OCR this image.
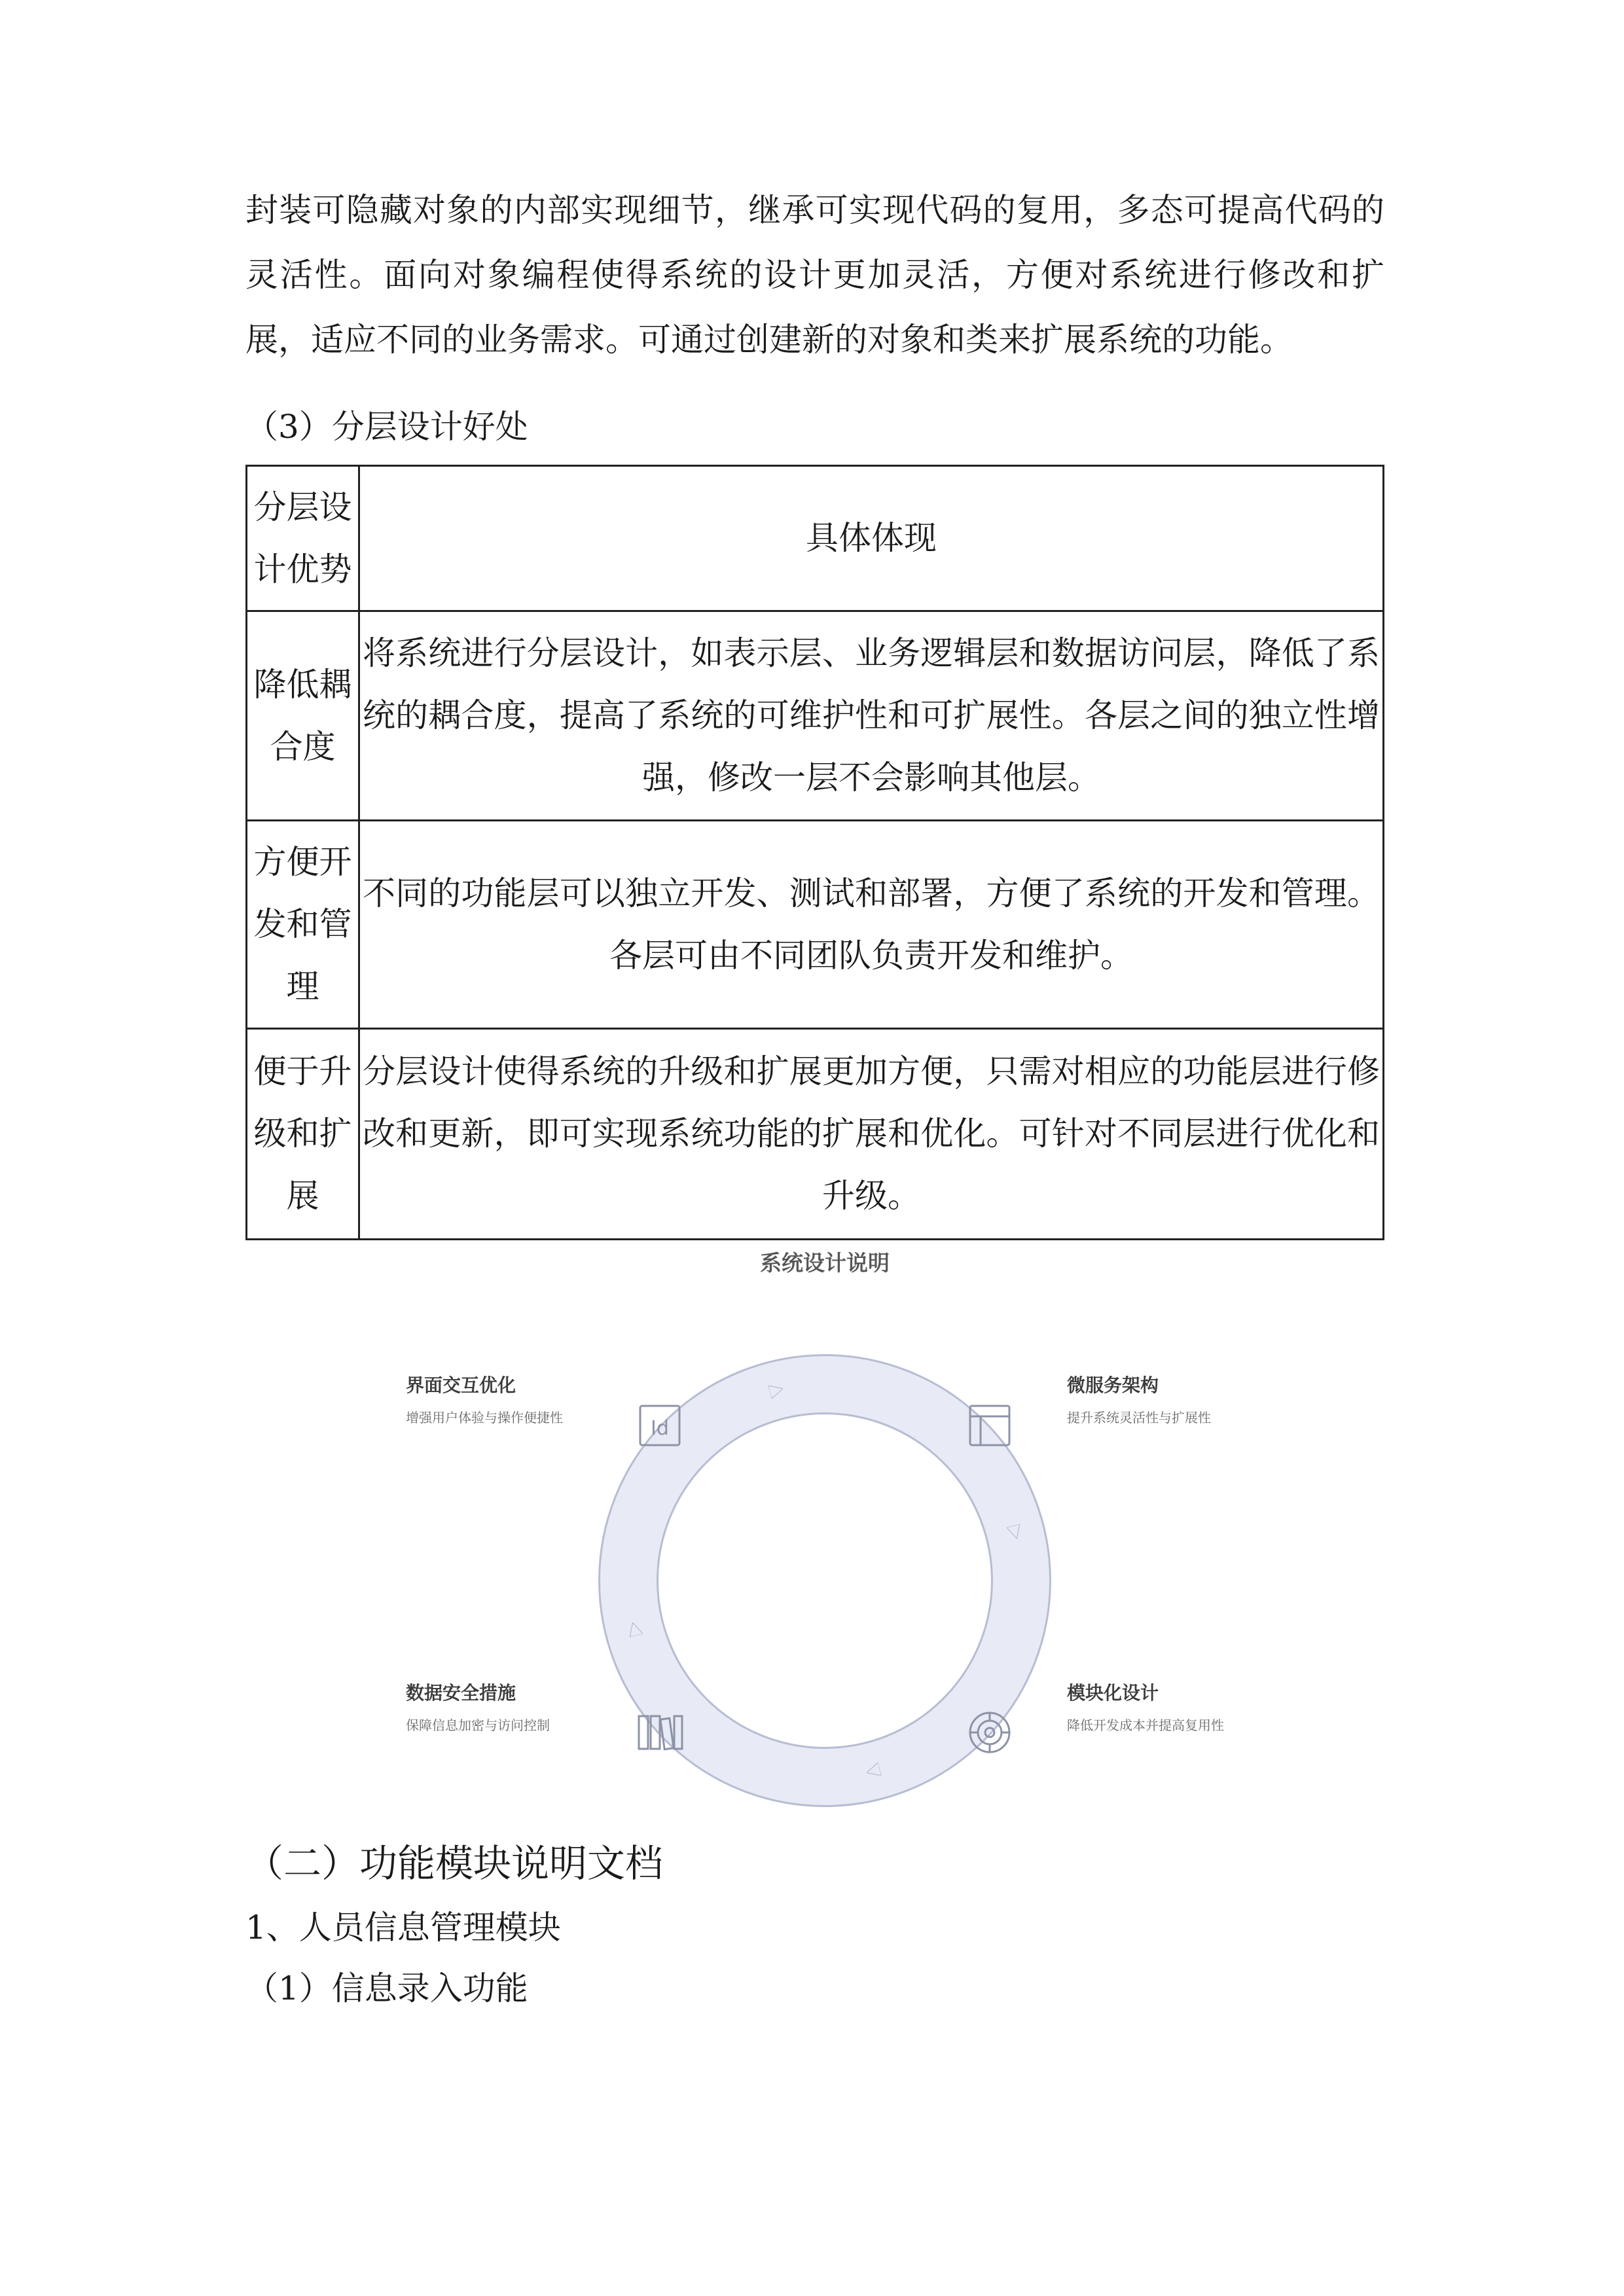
封装可隐藏对象的内部实现细节，继承可实现代码的复用，多态可提高代码的灵活性。面向对象编程使得系统的设计更加灵活，方便对系统进行修改和扩展，适应不同的业务需求。可通过创建新的对象和类来扩展系统的功能。

（3）分层设计好处

分层设计优势	具体体现
降低耦合度	将系统进行分层设计，如表示层、业务逻辑层和数据访问层，降低了系统的耦合度，提高了系统的可维护性和可扩展性。各层之间的独立性增强，修改一层不会影响其他层。
方便开发和管理	不同的功能层可以独立开发、测试和部署，方便了系统的开发和管理。各层可由不同团队负责开发和维护。
便于升级和扩展	分层设计使得系统的升级和扩展更加方便，只需对相应的功能层进行修改和更新，即可实现系统功能的扩展和优化。可针对不同层进行优化和升级。
系统设计说明
Id
界面交互优化
增强用户体验与操作便捷性
微服务架构
提升系统灵活性与扩展性
数据安全措施
保障信息加密与访问控制
模块化设计
降低开发成本并提高复用性
（二）功能模块说明文档
1、人员信息管理模块
（1）信息录入功能
